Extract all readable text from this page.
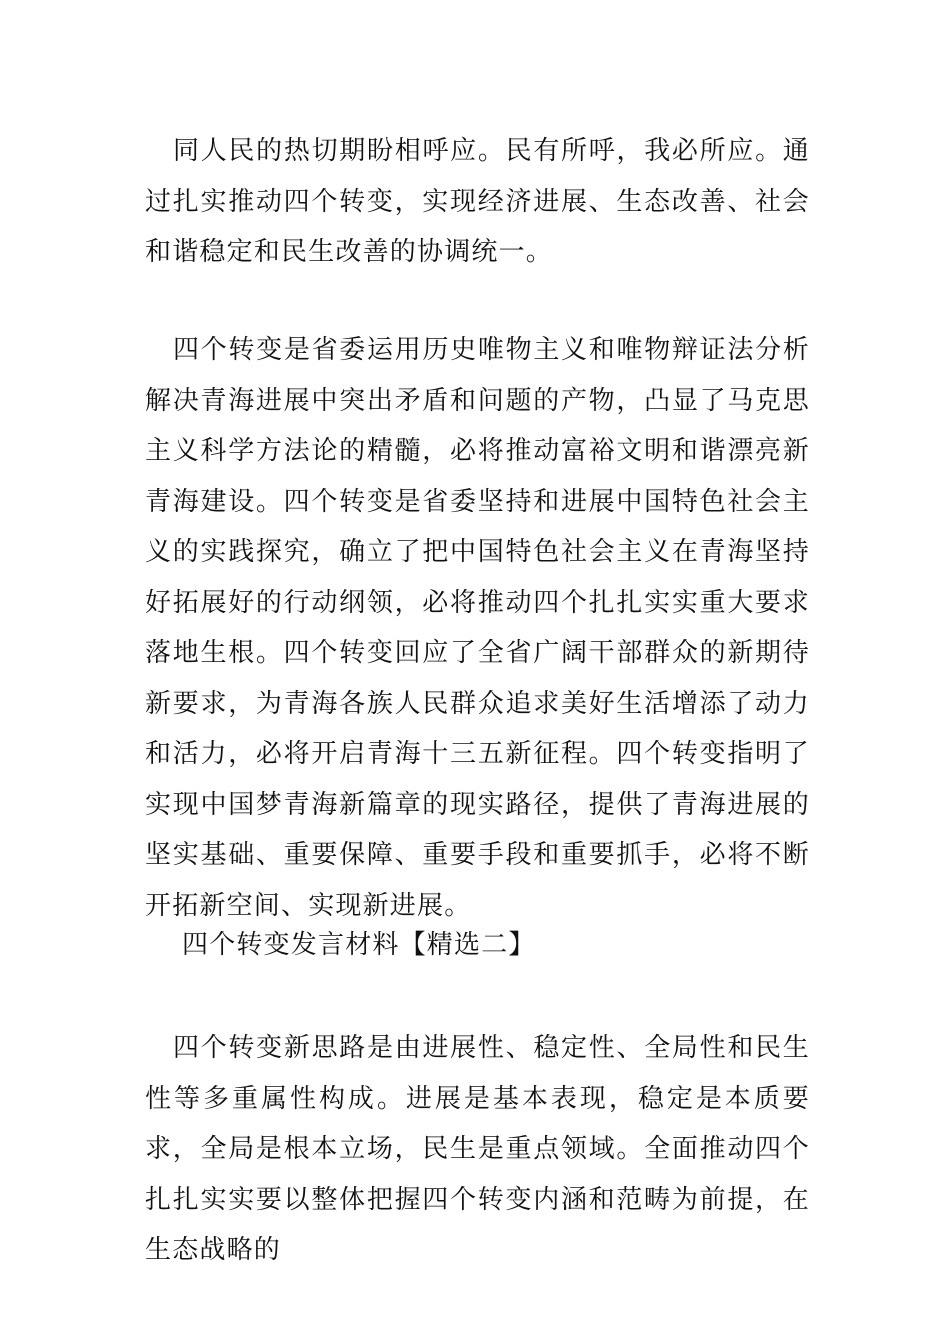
同人民的热切期盼相呼应。民有所呼，我必所应。通过扎实推动四个转变，实现经济进展、生态改善、社会和谐稳定和民生改善的协调统一。

四个转变是省委运用历史唯物主义和唯物辩证法分析解决青海进展中突出矛盾和问题的产物，凸显了马克思主义科学方法论的精髓，必将推动富裕文明和谐漂亮新青海建设。四个转变是省委坚持和进展中国特色社会主义的实践探究，确立了把中国特色社会主义在青海坚持好拓展好的行动纲领，必将推动四个扎扎实实重大要求落地生根。四个转变回应了全省广阔干部群众的新期待新要求，为青海各族人民群众追求美好生活增添了动力和活力，必将开启青海十三五新征程。四个转变指明了实现中国梦青海新篇章的现实路径，提供了青海进展的坚实基础、重要保障、重要手段和重要抓手，必将不断开拓新空间、实现新进展。

四个转变发言材料【精选二】

四个转变新思路是由进展性、稳定性、全局性和民生性等多重属性构成。进展是基本表现，稳定是本质要求，全局是根本立场，民生是重点领域。全面推动四个扎扎实实要以整体把握四个转变内涵和范畴为前提，在生态战略的
